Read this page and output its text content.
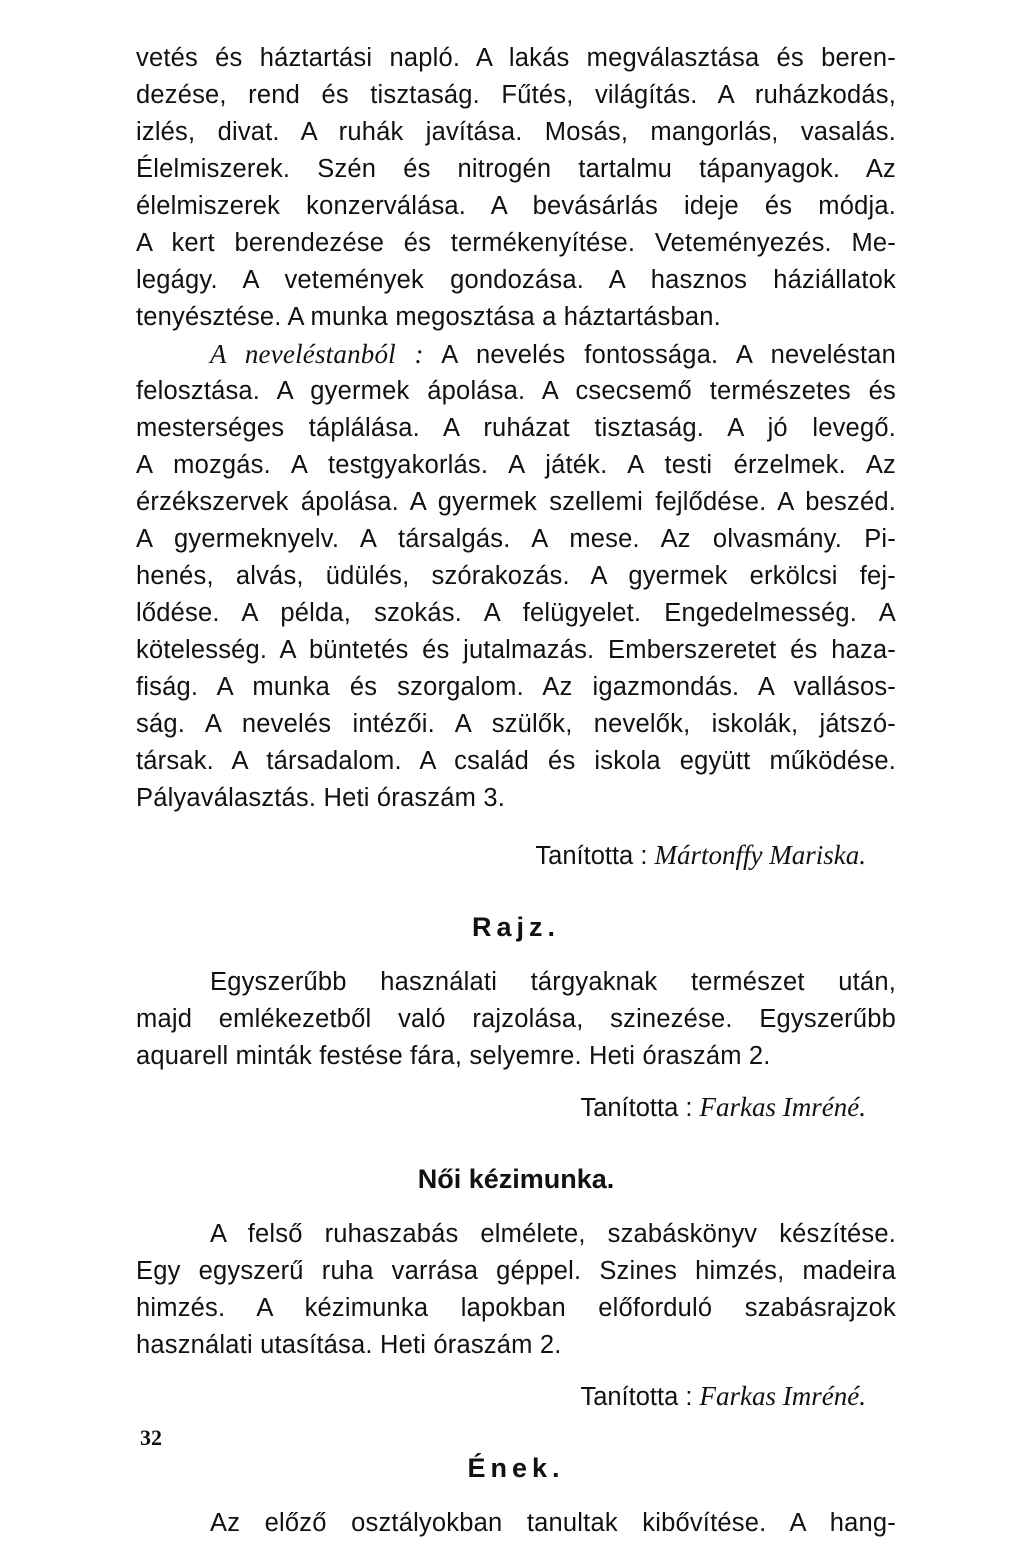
vetés és háztartási napló. A lakás megválasztása és beren-
dezése, rend és tisztaság. Fűtés, világítás. A ruházkodás,
izlés, divat. A ruhák javítása. Mosás, mangorlás, vasalás.
Élelmiszerek. Szén és nitrogén tartalmu tápanyagok. Az
élelmiszerek konzerválása. A bevásárlás ideje és módja.
A kert berendezése és termékenyítése. Veteményezés. Me-
legágy. A vetemények gondozása. A hasznos háziállatok
tenyésztése. A munka megosztása a háztartásban.
A neveléstanból : A nevelés fontossága. A neveléstan
felosztása. A gyermek ápolása. A csecsemő természetes és
mesterséges táplálása. A ruházat tisztaság. A jó levegő.
A mozgás. A testgyakorlás. A játék. A testi érzelmek. Az
érzékszervek ápolása. A gyermek szellemi fejlődése. A beszéd.
A gyermeknyelv. A társalgás. A mese. Az olvasmány. Pi-
henés, alvás, üdülés, szórakozás. A gyermek erkölcsi fej-
lődése. A példa, szokás. A felügyelet. Engedelmesség. A
kötelesség. A büntetés és jutalmazás. Emberszeretet és haza-
fiság. A munka és szorgalom. Az igazmondás. A vallásos-
ság. A nevelés intézői. A szülők, nevelők, iskolák, játszó-
társak. A társadalom. A család és iskola együtt működése.
Pályaválasztás. Heti óraszám 3.
Tanította : Mártonffy Mariska.
Rajz.
Egyszerűbb használati tárgyaknak természet után,
majd emlékezetből való rajzolása, szinezése. Egyszerűbb
aquarell minták festése fára, selyemre. Heti óraszám 2.
Tanította : Farkas Imréné.
Női kézimunka.
A felső ruhaszabás elmélete, szabáskönyv készítése.
Egy egyszerű ruha varrása géppel. Szines himzés, madeira
himzés. A kézimunka lapokban előforduló szabásrajzok
használati utasítása. Heti óraszám 2.
Tanította : Farkas Imréné.
Ének.
Az előző osztályokban tanultak kibővítése. A hang-
32
